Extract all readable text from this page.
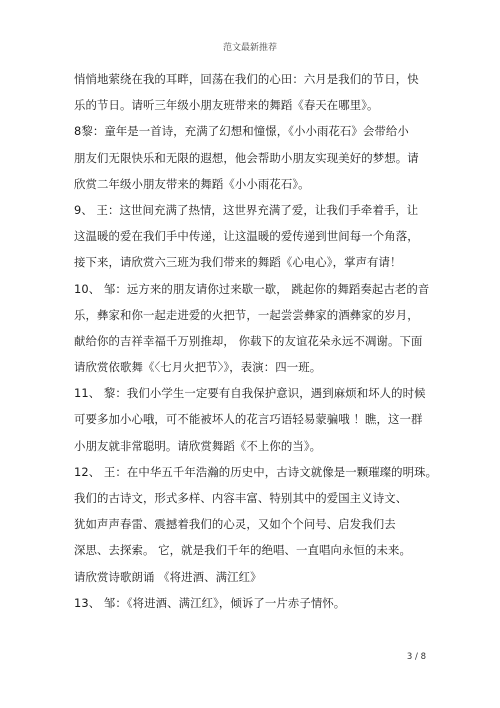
范文最新推荐
悄悄地萦绕在我的耳畔，回荡在我们的心田：六月是我们的节日，快
乐的节日。请听三年级小朋友班带来的舞蹈《春天在哪里》。
8黎：童年是一首诗，充满了幻想和憧憬，《小小雨花石》会带给小
朋友们无限快乐和无限的遐想，他会帮助小朋友实现美好的梦想。请
欣赏二年级小朋友带来的舞蹈《小小雨花石》。
9、 王：这世间充满了热情，这世界充满了爱，让我们手牵着手，让
这温暖的爱在我们手中传递，让这温暖的爱传递到世间每一个角落，
接下来，请欣赏六三班为我们带来的舞蹈《心电心》，掌声有请！
10、 邹：远方来的朋友请你过来歇一歇， 跳起你的舞蹈奏起古老的音
乐，彝家和你一起走进爱的火把节，一起尝尝彝家的酒彝家的岁月，
献给你的吉祥幸福千万别推却， 你载下的友谊花朵永远不凋谢。下面
请欣赏依歌舞《〈七月火把节〉》，表演：四一班。
11、 黎：我们小学生一定要有自我保护意识，遇到麻烦和坏人的时候
可要多加小心哦，可不能被坏人的花言巧语轻易蒙骗哦 ！瞧，这一群
小朋友就非常聪明。请欣赏舞蹈《不上你的当》。
12、 王：在中华五千年浩瀚的历史中，古诗文就像是一颗璀璨的明珠。
我们的古诗文，形式多样、内容丰富、特别其中的爱国主义诗文、
犹如声声春雷、震撼着我们的心灵，又如个个问号、启发我们去
深思、去探索。 它，就是我们千年的绝唱、一直唱向永恒的未来。
请欣赏诗歌朗诵 《将进酒、满江红》
13、 邹：《将进酒、满江红》，倾诉了一片赤子情怀。
3 / 8
